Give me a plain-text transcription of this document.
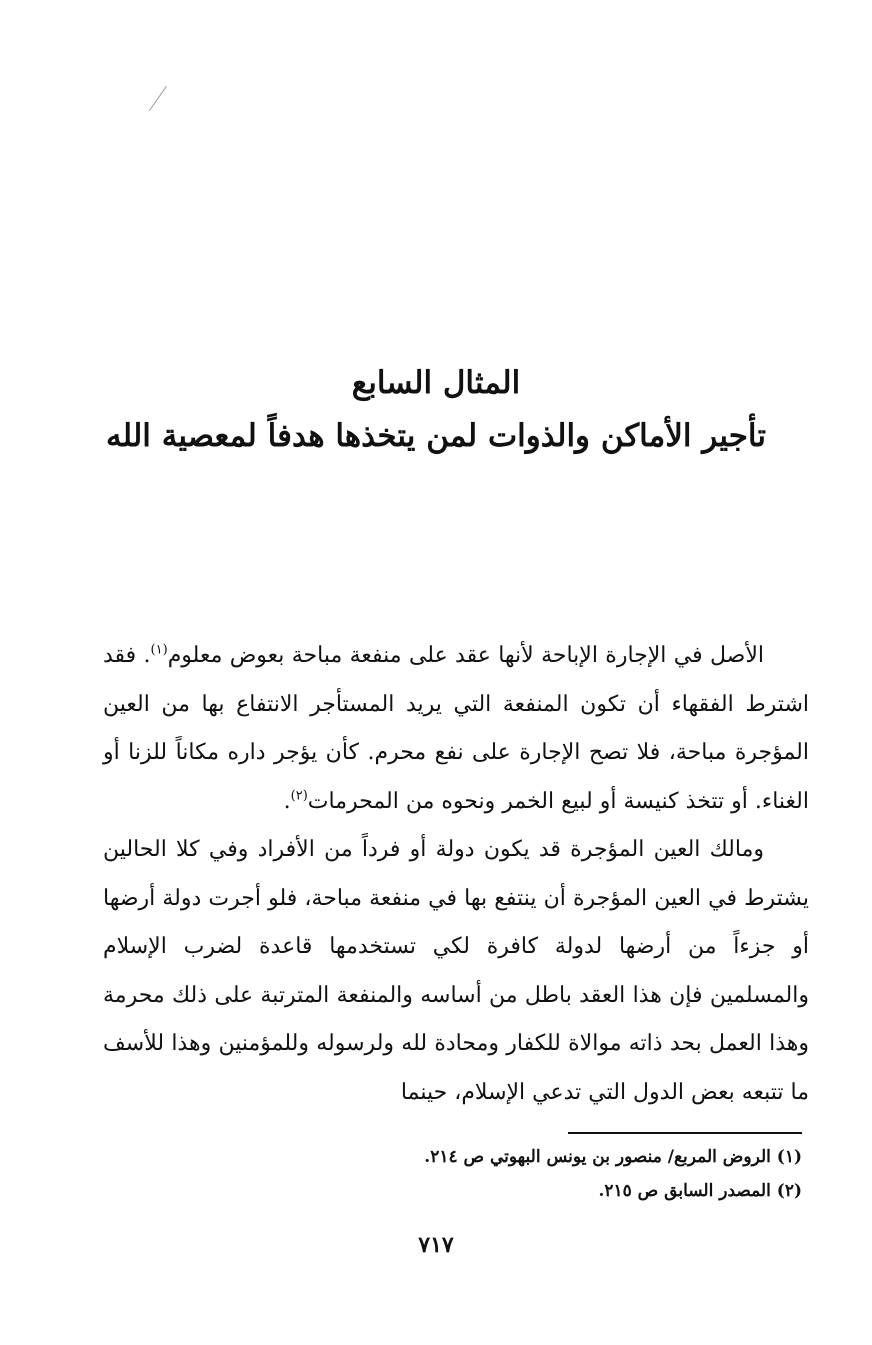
المثال السابع

تأجير الأماكن والذوات لمن يتخذها هدفاً لمعصية الله

الأصل في الإجارة الإباحة لأنها عقد على منفعة مباحة بعوض معلوم$^{(١)}$. فقد اشترط الفقهاء أن تكون المنفعة التي يريد المستأجر الانتفاع بها من العين المؤجرة مباحة، فلا تصح الإجارة على نفع محرم. كأن يؤجر داره مكاناً للزنا أو الغناء. أو تتخذ كنيسة أو لبيع الخمر ونحوه من المحرمات$^{(٢)}$.

ومالك العين المؤجرة قد يكون دولة أو فرداً من الأفراد وفي كلا الحالين يشترط في العين المؤجرة أن ينتفع بها في منفعة مباحة، فلو أجرت دولة أرضها أو جزءاً من أرضها لدولة كافرة لكي تستخدمها قاعدة لضرب الإسلام والمسلمين فإن هذا العقد باطل من أساسه والمنفعة المترتبة على ذلك محرمة وهذا العمل بحد ذاته موالاة للكفار ومحادة لله ولرسوله وللمؤمنين وهذا للأسف ما تتبعه بعض الدول التي تدعي الإسلام، حينما

(١) الروض المربع/ منصور بن يونس البهوتي ص ٢١٤.

(٢) المصدر السابق ص ٢١٥.

٧١٧
